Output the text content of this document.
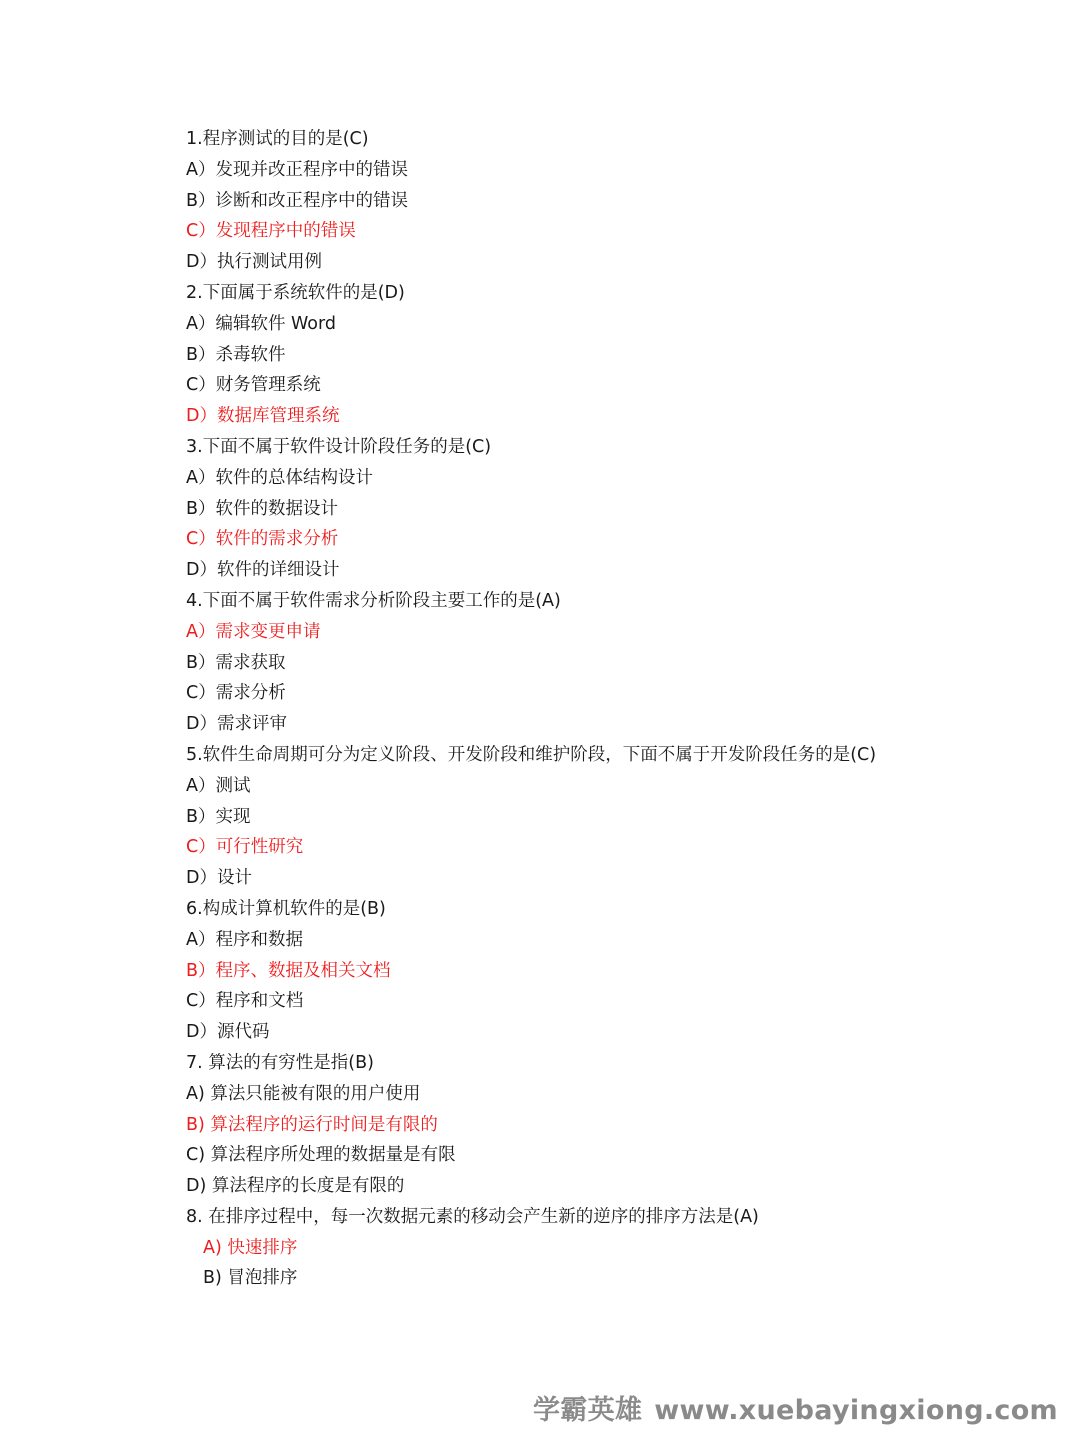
1.程序测试的目的是(C)
A）发现并改正程序中的错误
B）诊断和改正程序中的错误
C）发现程序中的错误
D）执行测试用例
2.下面属于系统软件的是(D)
A）编辑软件 Word
B）杀毒软件
C）财务管理系统
D）数据库管理系统
3.下面不属于软件设计阶段任务的是(C)
A）软件的总体结构设计
B）软件的数据设计
C）软件的需求分析
D）软件的详细设计
4.下面不属于软件需求分析阶段主要工作的是(A)
A）需求变更申请
B）需求获取
C）需求分析
D）需求评审
5.软件生命周期可分为定义阶段、开发阶段和维护阶段，下面不属于开发阶段任务的是(C)
A）测试
B）实现
C）可行性研究
D）设计
6.构成计算机软件的是(B)
A）程序和数据
B）程序、数据及相关文档
C）程序和文档
D）源代码
7. 算法的有穷性是指(B)
A) 算法只能被有限的用户使用
B) 算法程序的运行时间是有限的
C) 算法程序所处理的数据量是有限
D) 算法程序的长度是有限的
8. 在排序过程中，每一次数据元素的移动会产生新的逆序的排序方法是(A)
A) 快速排序
B) 冒泡排序
学霸英雄 www.xuebayingxiong.com
